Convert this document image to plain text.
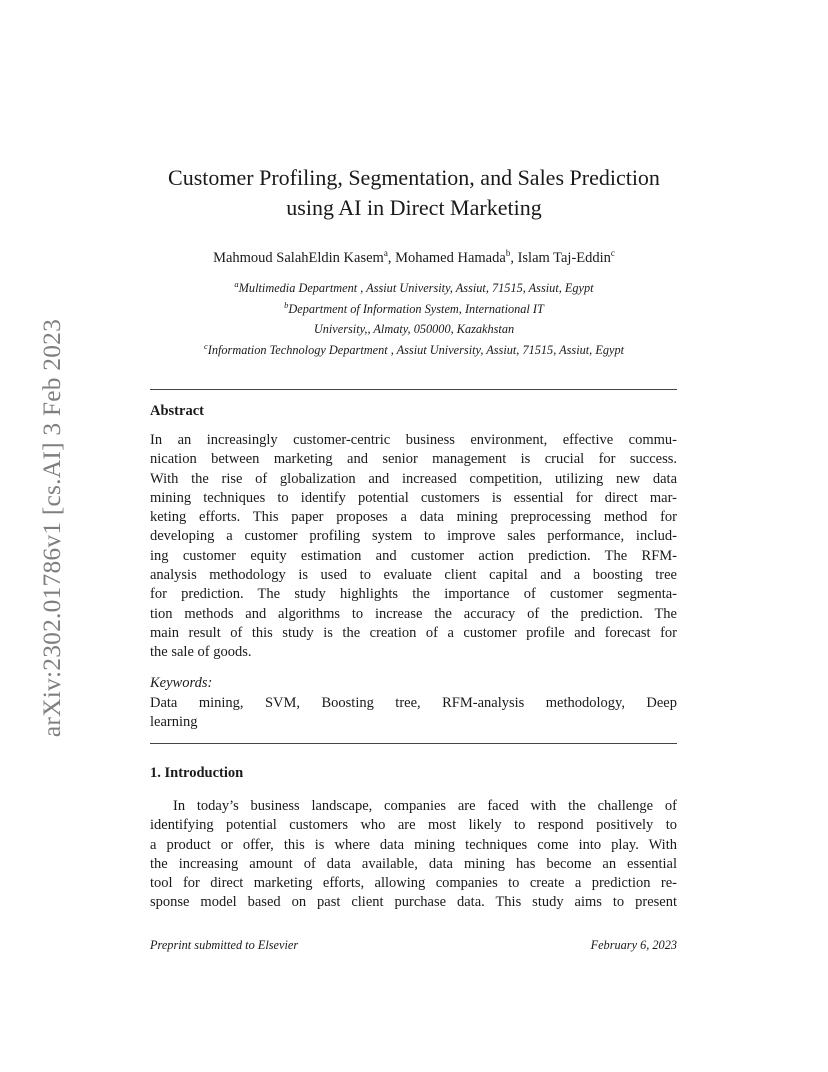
arXiv:2302.01786v1 [cs.AI] 3 Feb 2023
Customer Profiling, Segmentation, and Sales Prediction
using AI in Direct Marketing
Mahmoud SalahEldin Kasem$^a$, Mohamed Hamada$^b$, Islam Taj-Eddin$^c$
$^a$Multimedia Department , Assiut University, Assiut, 71515, Assiut, Egypt
$^b$Department of Information System, International IT
University,, Almaty, 050000, Kazakhstan
$^c$Information Technology Department , Assiut University, Assiut, 71515, Assiut, Egypt
Abstract
In an increasingly customer-centric business environment, effective commu-
nication between marketing and senior management is crucial for success.
With the rise of globalization and increased competition, utilizing new data
mining techniques to identify potential customers is essential for direct mar-
keting efforts. This paper proposes a data mining preprocessing method for
developing a customer profiling system to improve sales performance, includ-
ing customer equity estimation and customer action prediction. The RFM-
analysis methodology is used to evaluate client capital and a boosting tree
for prediction. The study highlights the importance of customer segmenta-
tion methods and algorithms to increase the accuracy of the prediction. The
main result of this study is the creation of a customer profile and forecast for
the sale of goods.
Keywords:
Data mining, SVM, Boosting tree, RFM-analysis methodology, Deep
learning
1. Introduction
In today’s business landscape, companies are faced with the challenge of
identifying potential customers who are most likely to respond positively to
a product or offer, this is where data mining techniques come into play. With
the increasing amount of data available, data mining has become an essential
tool for direct marketing efforts, allowing companies to create a prediction re-
sponse model based on past client purchase data. This study aims to present
Preprint submitted to Elsevier	February 6, 2023
